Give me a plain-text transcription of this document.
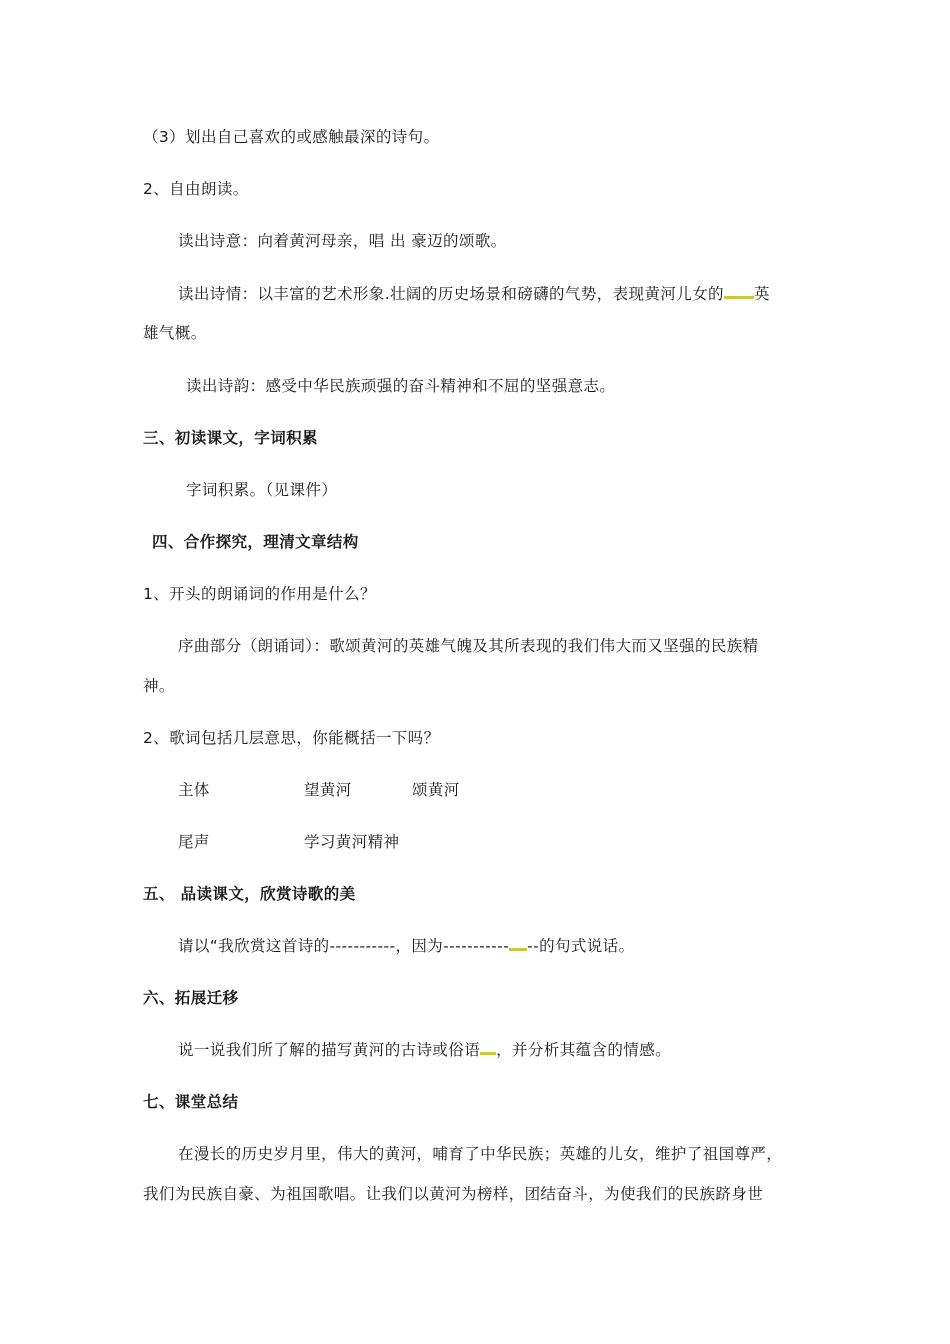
（3）划出自己喜欢的或感触最深的诗句。
2、自由朗读。
读出诗意：向着黄河母亲，唱 出 豪迈的颂歌。
读出诗情：以丰富的艺术形象.壮阔的历史场景和磅礴的气势，表现黄河儿女的 英
雄气概。
读出诗韵：感受中华民族顽强的奋斗精神和不屈的坚强意志。
三、初读课文，字词积累
字词积累。（见课件）
四、合作探究，理清文章结构
1、开头的朗诵词的作用是什么？
序曲部分（朗诵词）：歌颂黄河的英雄气魄及其所表现的我们伟大而又坚强的民族精
神。
2、歌词包括几层意思，你能概括一下吗？
主体	望黄河	颂黄河
尾声	学习黄河精神
五、 品读课文，欣赏诗歌的美
请以“我欣赏这首诗的-----------，因为----------- --的句式说话。
六、拓展迁移
说一说我们所了解的描写黄河的古诗或俗语 ，并分析其蕴含的情感。
七、课堂总结
在漫长的历史岁月里，伟大的黄河，哺育了中华民族；英雄的儿女，维护了祖国尊严，
我们为民族自豪、为祖国歌唱。让我们以黄河为榜样，团结奋斗，为使我们的民族跻身世
